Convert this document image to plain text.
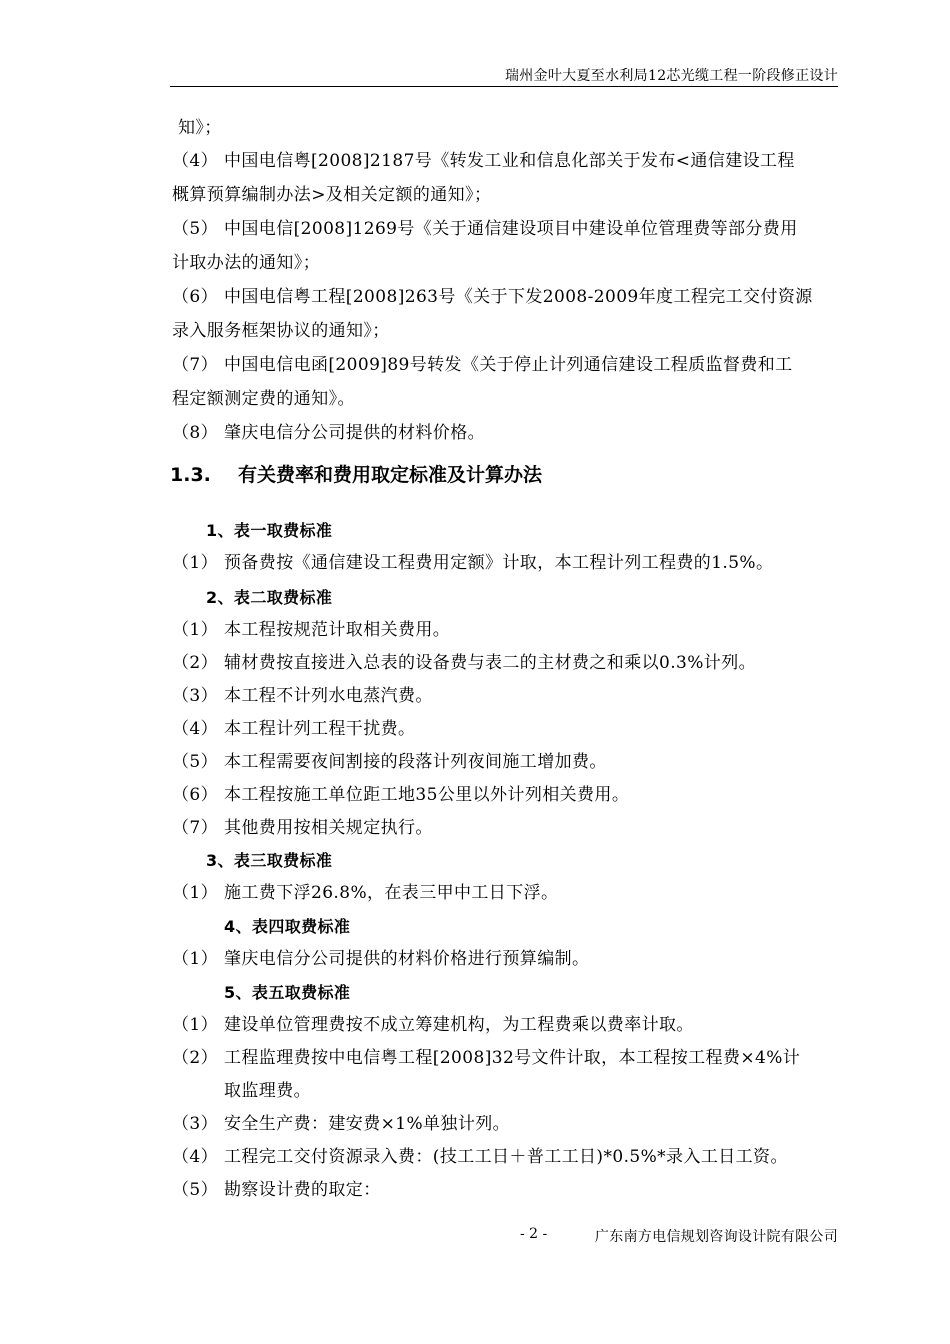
瑞州金叶大夏至水利局12芯光缆工程一阶段修正设计
知》；
（4） 中国电信粤[2008]2187号《转发工业和信息化部关于发布<通信建设工程
概算预算编制办法>及相关定额的通知》；
（5） 中国电信[2008]1269号《关于通信建设项目中建设单位管理费等部分费用
计取办法的通知》；
（6） 中国电信粤工程[2008]263号《关于下发2008-2009年度工程完工交付资源
录入服务框架协议的通知》；
（7） 中国电信电函[2009]89号转发《关于停止计列通信建设工程质监督费和工
程定额测定费的通知》。
（8） 肇庆电信分公司提供的材料价格。
1.3. 有关费率和费用取定标准及计算办法
1、表一取费标准
（1） 预备费按《通信建设工程费用定额》计取，本工程计列工程费的1.5%。
2、表二取费标准
（1） 本工程按规范计取相关费用。
（2） 辅材费按直接进入总表的设备费与表二的主材费之和乘以0.3%计列。
（3） 本工程不计列水电蒸汽费。
（4） 本工程计列工程干扰费。
（5） 本工程需要夜间割接的段落计列夜间施工增加费。
（6） 本工程按施工单位距工地35公里以外计列相关费用。
（7） 其他费用按相关规定执行。
3、表三取费标准
（1） 施工费下浮26.8%，在表三甲中工日下浮。
4、表四取费标准
（1） 肇庆电信分公司提供的材料价格进行预算编制。
5、表五取费标准
（1） 建设单位管理费按不成立筹建机构，为工程费乘以费率计取。
（2） 工程监理费按中电信粤工程[2008]32号文件计取，本工程按工程费×4%计
取监理费。
（3） 安全生产费：建安费×1%单独计列。
（4） 工程完工交付资源录入费：(技工工日＋普工工日)*0.5%*录入工日工资。
（5） 勘察设计费的取定：
- 2 -	广东南方电信规划咨询设计院有限公司
